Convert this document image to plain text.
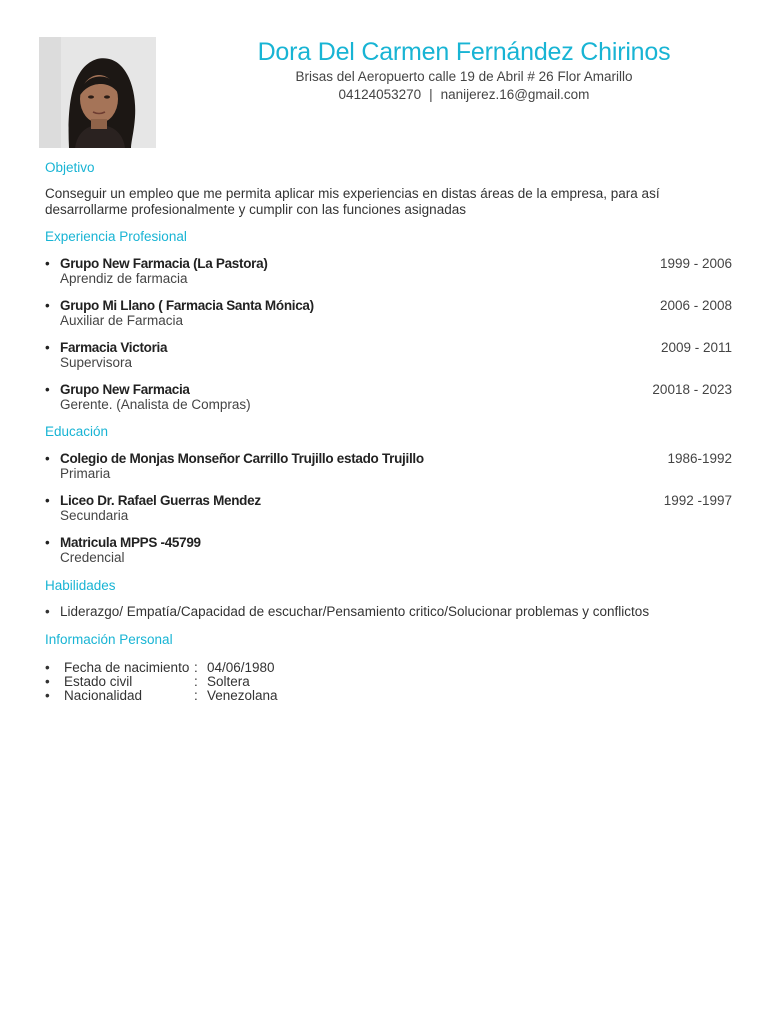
Dora Del Carmen Fernández Chirinos
Brisas del Aeropuerto calle 19 de Abril # 26 Flor Amarillo
04124053270 | nanijerez.16@gmail.com
Objetivo
Conseguir un empleo que me permita aplicar mis experiencias en distas áreas de la empresa, para así desarrollarme profesionalmente y cumplir con las funciones asignadas
Experiencia Profesional
• Grupo New Farmacia (La Pastora)	1999 - 2006
Aprendiz de farmacia
• Grupo Mi Llano ( Farmacia Santa Mónica)	2006 - 2008
Auxiliar de Farmacia
• Farmacia Victoria	2009 - 2011
Supervisora
• Grupo New Farmacia	20018 - 2023
Gerente. (Analista de Compras)
Educación
• Colegio de Monjas Monseñor Carrillo Trujillo estado Trujillo	1986-1992
Primaria
• Liceo Dr. Rafael Guerras Mendez	1992 -1997
Secundaria
• Matricula MPPS -45799
Credencial
Habilidades
• Liderazgo/ Empatía/Capacidad de escuchar/Pensamiento critico/Solucionar problemas y conflictos
Información Personal
• Fecha de nacimiento : 04/06/1980
• Estado civil	: Soltera
• Nacionalidad	: Venezolana
